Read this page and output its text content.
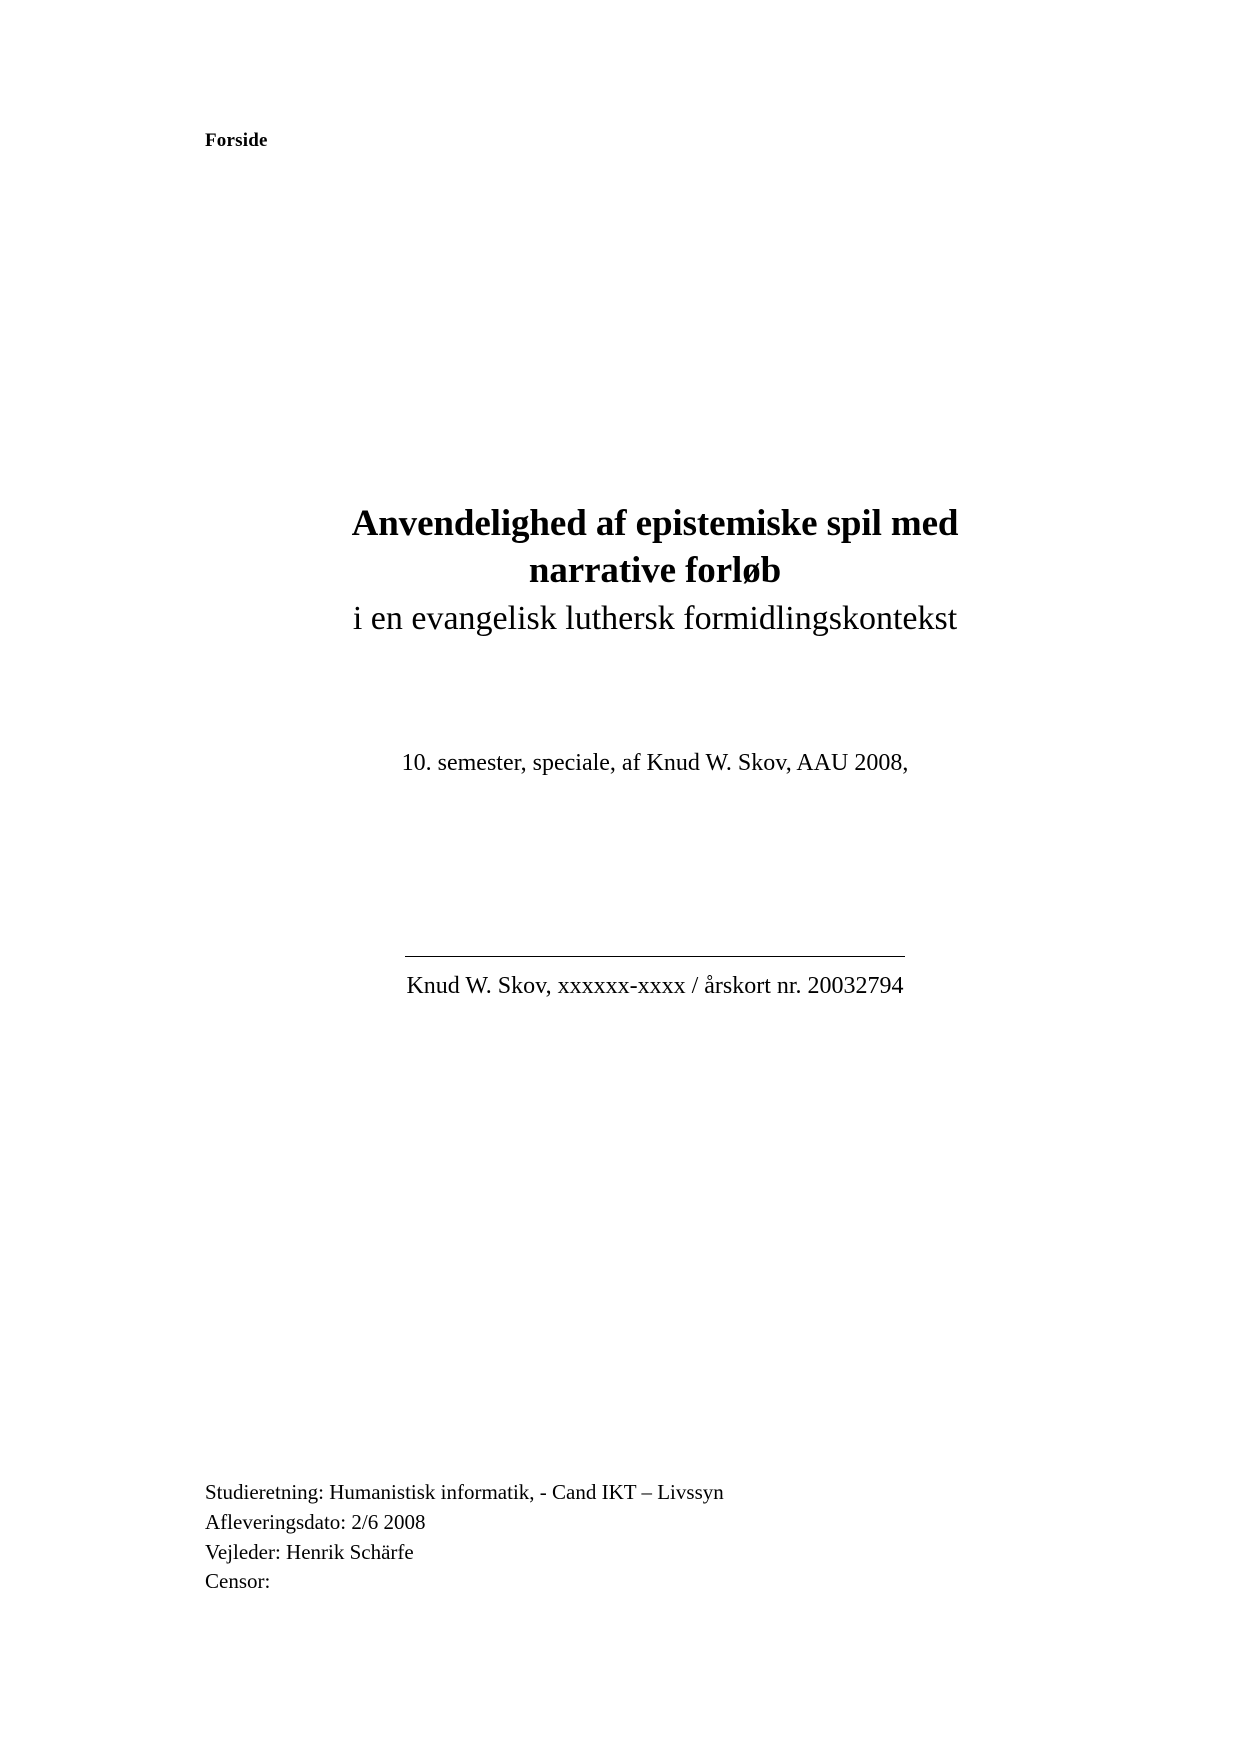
Forside
Anvendelighed af epistemiske spil med
narrative forløb
i en evangelisk luthersk formidlingskontekst
10. semester, speciale, af Knud W. Skov, AAU 2008,
Knud W. Skov, xxxxxx-xxxx / årskort nr. 20032794
Studieretning: Humanistisk informatik, - Cand IKT – Livssyn
Afleveringsdato: 2/6 2008
Vejleder: Henrik Schärfe
Censor:
